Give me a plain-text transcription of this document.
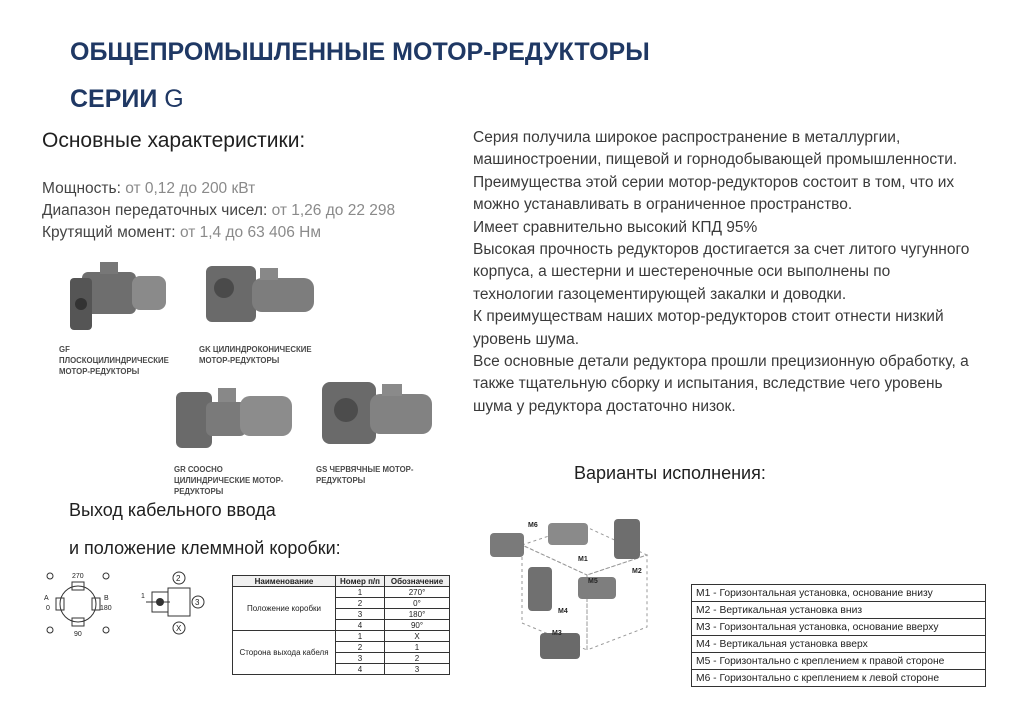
ОБЩЕПРОМЫШЛЕННЫЕ МОТОР-РЕДУКТОРЫ
СЕРИИ G
Основные характеристики:
Мощность: от 0,12 до 200 кВт
Диапазон передаточных чисел: от 1,26 до 22 298
Крутящий момент: от 1,4 до 63 406 Нм

Серия получила широкое распространение в металлургии, машиностроении, пищевой и горнодобывающей промышленности.

Преимущества этой серии мотор-редукторов состоит в том, что их можно устанавливать в ограниченное пространство.

Имеет сравнительно высокий КПД 95%

Высокая прочность редукторов достигается за счет литого чугунного корпуса, а шестерни и шестереночные оси выполнены по технологии газоцементирующей закалки и доводки.

К преимуществам наших мотор-редукторов стоит отнести низкий уровень шума.

Все основные детали редуктора прошли прецизионную обработку, а также тщательную сборку и испытания, вследствие чего уровень шума у редуктора достаточно низок.

GF
ПЛОСКОЦИЛИНДРИЧЕСКИЕ
МОТОР-РЕДУКТОРЫ
GK ЦИЛИНДРОКОНИЧЕСКИЕ
МОТОР-РЕДУКТОРЫ
GR СООСНО
ЦИЛИНДРИЧЕСКИЕ МОТОР-
РЕДУКТОРЫ
GS ЧЕРВЯЧНЫЕ МОТОР-
РЕДУКТОРЫ
Выход кабельного ввода
и положение клеммной коробки:
270
A
0	180
B
90
2
3
X
1
Наименование	Номер п/п	Обозначение
Положение коробки	1	270°
	2	0°
	3	180°
	4	90°
Сторона выхода кабеля	1	X
	2	1
	3	2
	4	3
Варианты исполнения:
M6
M1
M2
M5
M4
M3
M1 - Горизонтальная установка, основание внизу
M2 - Вертикальная установка вниз
M3 - Горизонтальная установка, основание вверху
M4 - Вертикальная установка вверх
M5 - Горизонтально с креплением к правой стороне
M6 - Горизонтально с креплением к левой стороне
